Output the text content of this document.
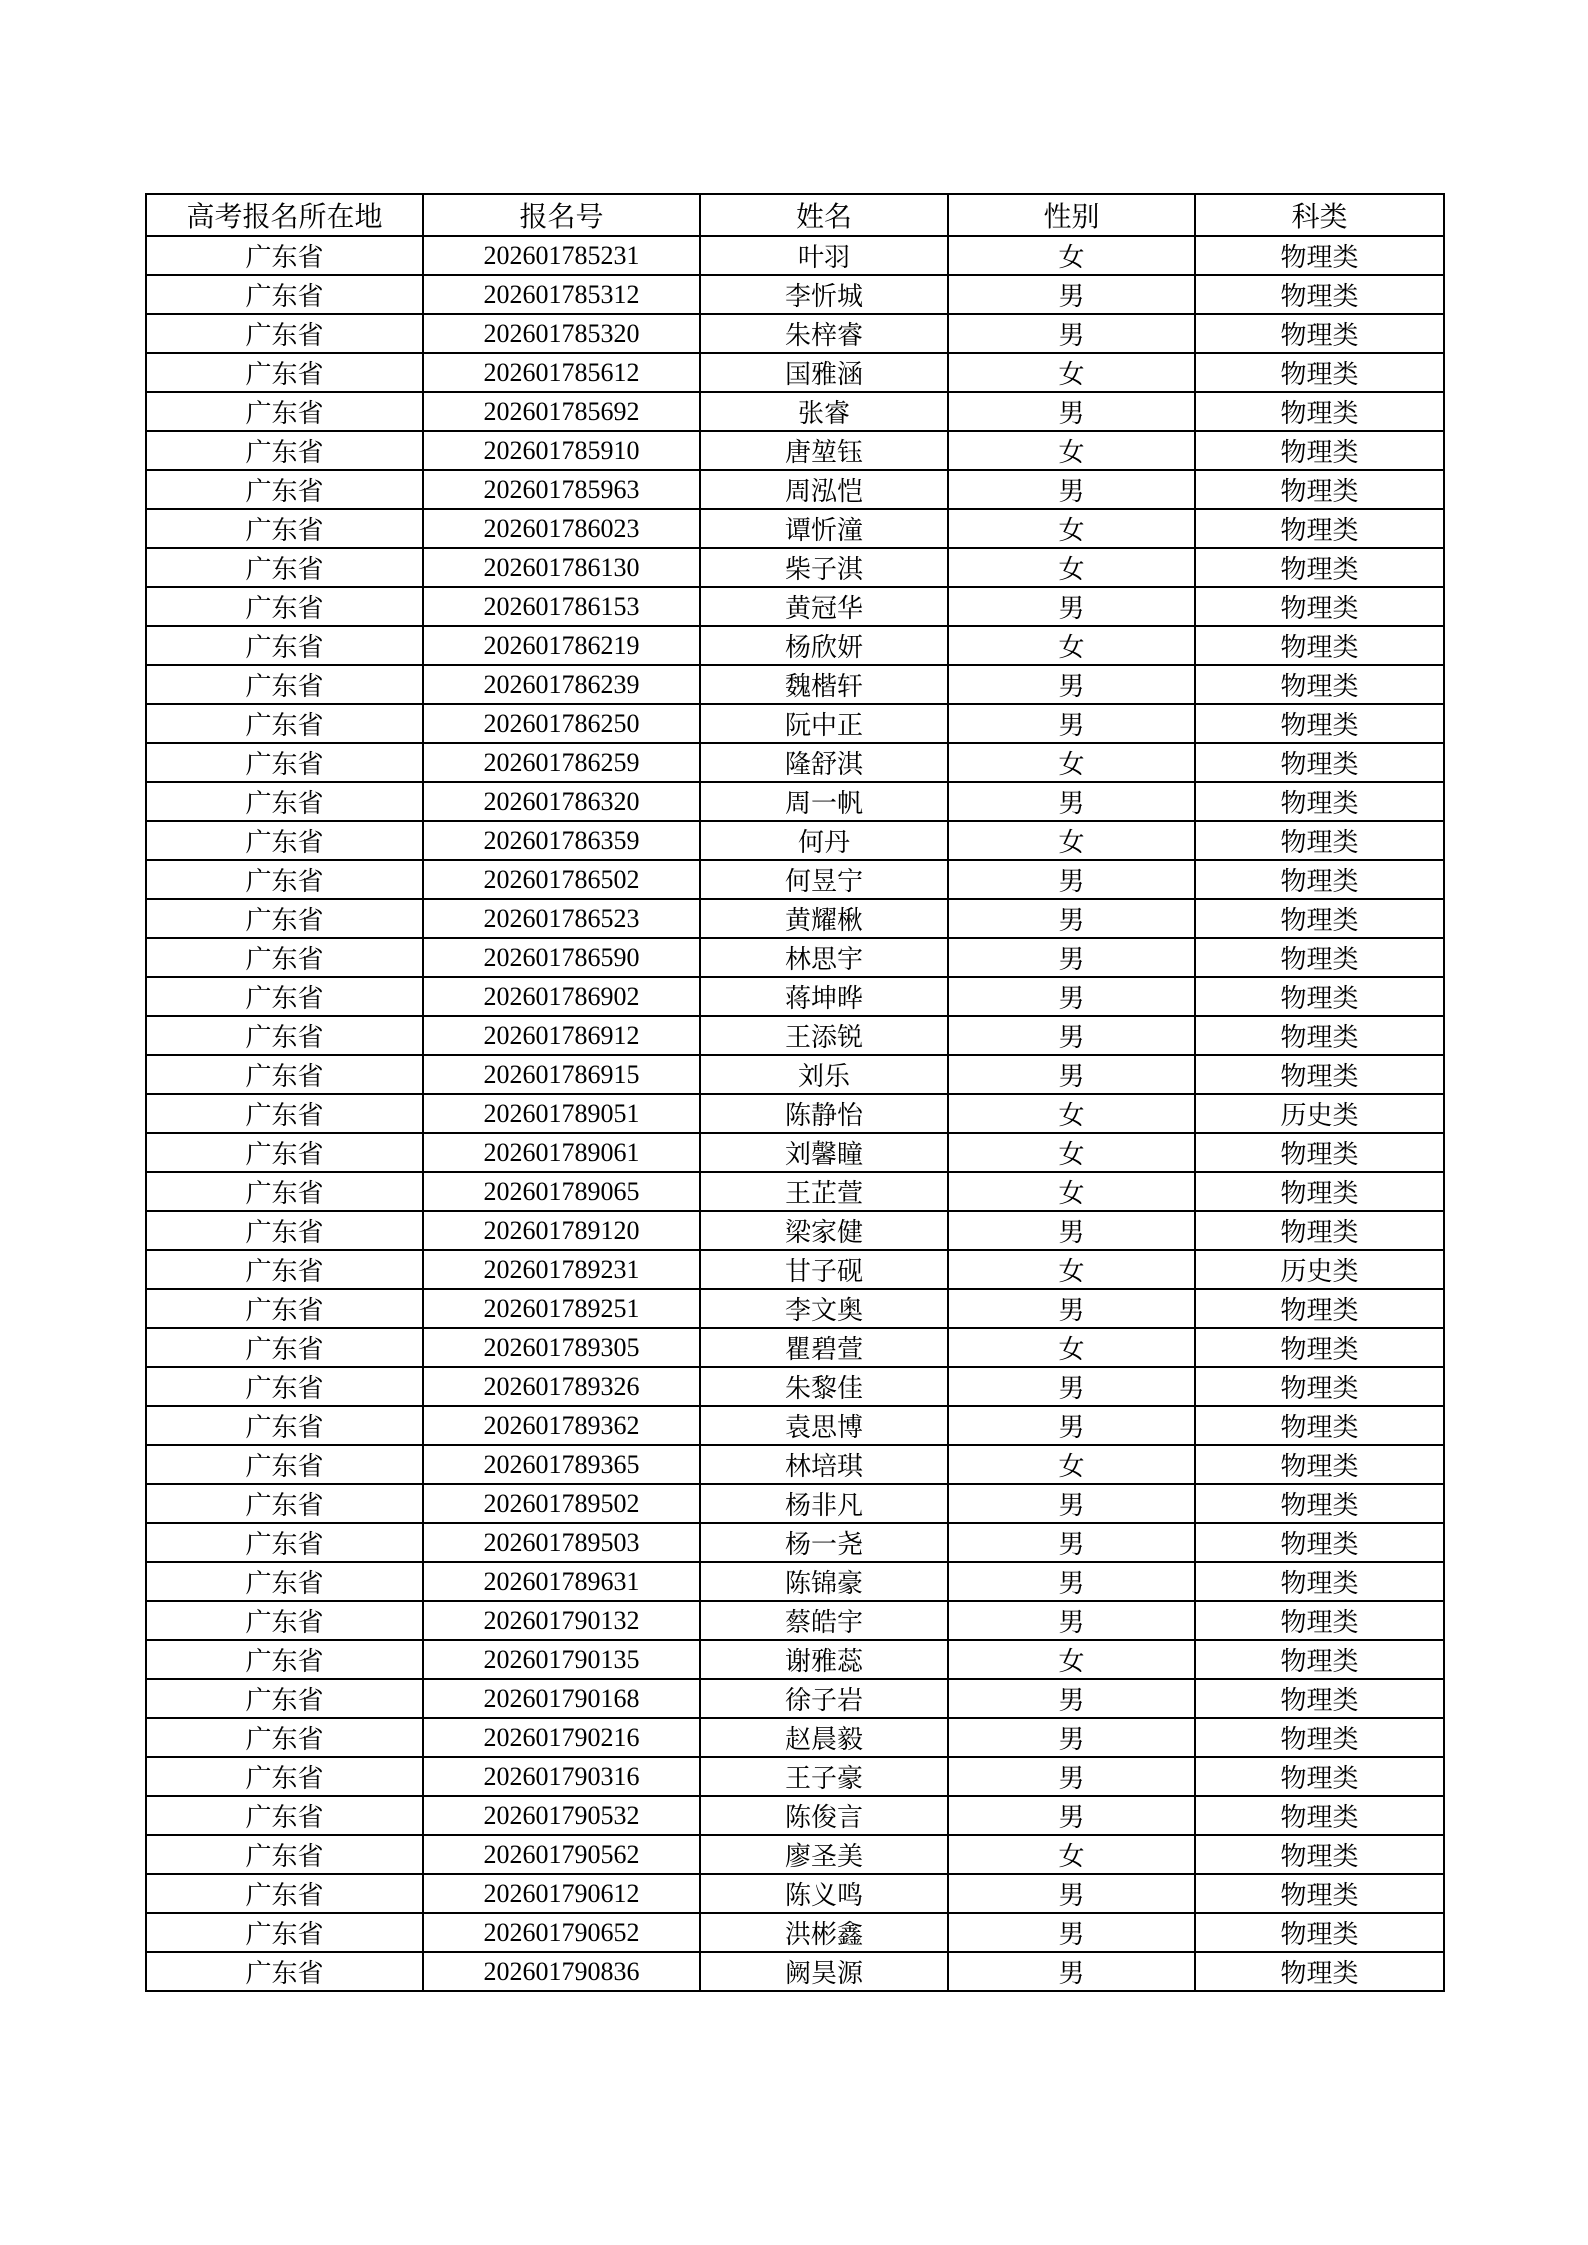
高考报名所在地	报名号	姓名	性别	科类
广东省	202601785231	叶羽	女	物理类
广东省	202601785312	李忻城	男	物理类
广东省	202601785320	朱梓睿	男	物理类
广东省	202601785612	国雅涵	女	物理类
广东省	202601785692	张睿	男	物理类
广东省	202601785910	唐堃钰	女	物理类
广东省	202601785963	周泓恺	男	物理类
广东省	202601786023	谭忻潼	女	物理类
广东省	202601786130	柴子淇	女	物理类
广东省	202601786153	黄冠华	男	物理类
广东省	202601786219	杨欣妍	女	物理类
广东省	202601786239	魏楷轩	男	物理类
广东省	202601786250	阮中正	男	物理类
广东省	202601786259	隆舒淇	女	物理类
广东省	202601786320	周一帆	男	物理类
广东省	202601786359	何丹	女	物理类
广东省	202601786502	何昱宁	男	物理类
广东省	202601786523	黄耀楸	男	物理类
广东省	202601786590	林思宇	男	物理类
广东省	202601786902	蒋坤晔	男	物理类
广东省	202601786912	王添锐	男	物理类
广东省	202601786915	刘乐	男	物理类
广东省	202601789051	陈静怡	女	历史类
广东省	202601789061	刘馨瞳	女	物理类
广东省	202601789065	王芷萱	女	物理类
广东省	202601789120	梁家健	男	物理类
广东省	202601789231	甘子砚	女	历史类
广东省	202601789251	李文奥	男	物理类
广东省	202601789305	瞿碧萱	女	物理类
广东省	202601789326	朱黎佳	男	物理类
广东省	202601789362	袁思博	男	物理类
广东省	202601789365	林培琪	女	物理类
广东省	202601789502	杨非凡	男	物理类
广东省	202601789503	杨一尧	男	物理类
广东省	202601789631	陈锦豪	男	物理类
广东省	202601790132	蔡皓宇	男	物理类
广东省	202601790135	谢雅蕊	女	物理类
广东省	202601790168	徐子岩	男	物理类
广东省	202601790216	赵晨毅	男	物理类
广东省	202601790316	王子豪	男	物理类
广东省	202601790532	陈俊言	男	物理类
广东省	202601790562	廖圣美	女	物理类
广东省	202601790612	陈义鸣	男	物理类
广东省	202601790652	洪彬鑫	男	物理类
广东省	202601790836	阙昊源	男	物理类
